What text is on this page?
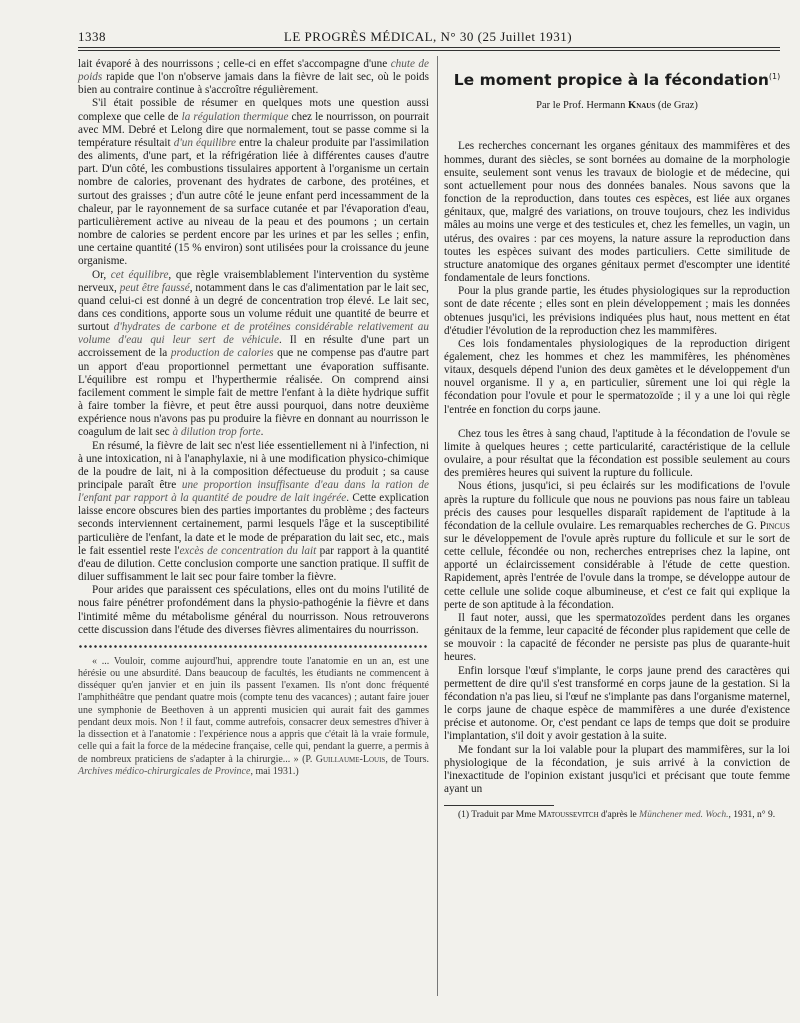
1338	LE PROGRÈS MÉDICAL, N° 30 (25 Juillet 1931)

lait évaporé à des nourrissons ; celle-ci en effet s'accompagne d'une chute de poids rapide que l'on n'observe jamais dans la fièvre de lait sec, où le poids bien au contraire continue à s'accroître régulièrement.

S'il était possible de résumer en quelques mots une question aussi complexe que celle de la régulation thermique chez le nourrisson, on pourrait avec MM. Debré et Lelong dire que normalement, tout se passe comme si la température résultait d'un équilibre entre la chaleur produite par l'assimilation des aliments, d'une part, et la réfrigération liée à différentes causes d'autre part. D'un côté, les combustions tissulaires apportent à l'organisme un certain nombre de calories, provenant des hydrates de carbone, des protéines, et surtout des graisses ; d'un autre côté le jeune enfant perd incessamment de la chaleur, par le rayonnement de sa surface cutanée et par l'évaporation d'eau, particulièrement active au niveau de la peau et des poumons ; un certain nombre de calories se perdent encore par les urines et par les selles ; enfin, une certaine quantité (15 % environ) sont utilisées pour la croissance du jeune organisme.

Or, cet équilibre, que règle vraisemblablement l'intervention du système nerveux, peut être faussé, notamment dans le cas d'alimentation par le lait sec, quand celui-ci est donné à un degré de concentration trop élevé. Le lait sec, dans ces conditions, apporte sous un volume réduit une quantité de beurre et surtout d'hydrates de carbone et de protéines considérable relativement au volume d'eau qui leur sert de véhicule. Il en résulte d'une part un accroissement de la production de calories que ne compense pas d'autre part un apport d'eau proportionnel permettant une évaporation suffisante. L'équilibre est rompu et l'hyperthermie réalisée. On comprend ainsi facilement comment le simple fait de mettre l'enfant à la diète hydrique suffit à faire tomber la fièvre, et peut être aussi pourquoi, dans notre deuxième expérience nous n'avons pas pu produire la fièvre en donnant au nourrisson le coagulum de lait sec à dilution trop forte.

En résumé, la fièvre de lait sec n'est liée essentiellement ni à l'infection, ni à une intoxication, ni à l'anaphylaxie, ni à une modification physico-chimique de la poudre de lait, ni à la composition défectueuse du produit ; sa cause principale paraît être une proportion insuffisante d'eau dans la ration de l'enfant par rapport à la quantité de poudre de lait ingérée. Cette explication laisse encore obscures bien des parties importantes du problème ; des facteurs seconds interviennent certainement, parmi lesquels l'âge et la susceptibilité particulière de l'enfant, la date et le mode de préparation du lait sec, etc., mais le fait essentiel reste l'excès de concentration du lait par rapport à la quantité d'eau de dilution. Cette conclusion comporte une sanction pratique. Il suffit de diluer suffisamment le lait sec pour faire tomber la fièvre.

Pour arides que paraissent ces spéculations, elles ont du moins l'utilité de nous faire pénétrer profondément dans la physio-pathogénie la fièvre et dans l'intimité même du métabolisme général du nourrisson. Nous retrouverons cette discussion dans l'étude des diverses fièvres alimentaires du nourrisson.

« ... Vouloir, comme aujourd'hui, apprendre toute l'anatomie en un an, est une hérésie ou une absurdité. Dans beaucoup de facultés, les étudiants ne commencent à disséquer qu'en janvier et en juin ils passent l'examen. Ils n'ont donc fréquenté l'amphithéâtre que pendant quatre mois (compte tenu des vacances) ; autant faire jouer une symphonie de Beethoven à un apprenti musicien qui aurait fait des gammes pendant deux mois. Non ! il faut, comme autrefois, consacrer deux semestres d'hiver à la dissection et à l'anatomie : l'expérience nous a appris que c'était là la vraie formule, celle qui a fait la force de la médecine française, celle qui, pendant la guerre, a permis à de nombreux praticiens de s'adapter à la chirurgie... » (P. Guillaume-Louis, de Tours. Archives médico-chirurgicales de Province, mai 1931.)

Le moment propice à la fécondation$^{(1)}$
Par le Prof. Hermann Knaus (de Graz)

Les recherches concernant les organes génitaux des mammifères et des hommes, durant des siècles, se sont bornées au domaine de la morphologie ensuite, seulement sont venus les travaux de biologie et de médecine, qui sont actuellement pour nous des données banales. Nous savons que la fonction de la reproduction, dans toutes ces espèces, est liée aux organes génitaux, que, malgré des variations, on trouve toujours, chez les individus mâles au moins une verge et des testicules et, chez les femelles, un vagin, un utérus, des ovaires : par ces moyens, la nature assure la reproduction dans toutes les espèces suivant des modes particuliers. Cette similitude de structure anatomique des organes génitaux permet d'escompter une identité fondamentale de leurs fonctions.

Pour la plus grande partie, les études physiologiques sur la reproduction sont de date récente ; elles sont en plein développement ; mais les données obtenues jusqu'ici, les prévisions indiquées plus haut, nous mettent en état d'étudier l'évolution de la reproduction chez les mammifères.

Ces lois fondamentales physiologiques de la reproduction dirigent également, chez les hommes et chez les mammifères, les phénomènes vitaux, desquels dépend l'union des deux gamètes et le développement d'un nouvel organisme. Il y a, en particulier, sûrement une loi qui règle la fécondation pour l'ovule et pour le spermatozoïde ; il y a une loi qui règle l'entrée en fonction du corps jaune.

Chez tous les êtres à sang chaud, l'aptitude à la fécondation de l'ovule se limite à quelques heures ; cette particularité, caractéristique de la cellule ovulaire, a pour résultat que la fécondation est possible seulement au cours des premières heures qui suivent la rupture du follicule.

Nous étions, jusqu'ici, si peu éclairés sur les modifications de l'ovule après la rupture du follicule que nous ne pouvions pas nous faire un tableau précis des causes pour lesquelles disparaît rapidement de l'aptitude à la fécondation de la cellule ovulaire. Les remarquables recherches de G. Pincus sur le développement de l'ovule après rupture du follicule et sur le sort de cette cellule, fécondée ou non, recherches entreprises chez la lapine, ont apporté un éclaircissement considérable à l'étude de cette question. Rapidement, après l'entrée de l'ovule dans la trompe, se développe autour de cette cellule une solide coque albumineuse, et c'est ce fait qui explique la perte de son aptitude à la fécondation.

Il faut noter, aussi, que les spermatozoïdes perdent dans les organes génitaux de la femme, leur capacité de féconder plus rapidement que celle de se mouvoir : la capacité de féconder ne persiste pas plus de quarante-huit heures.

Enfin lorsque l'œuf s'implante, le corps jaune prend des caractères qui permettent de dire qu'il s'est transformé en corps jaune de la gestation. Si la fécondation n'a pas lieu, si l'œuf ne s'implante pas dans l'organisme maternel, le corps jaune de chaque espèce de mammifères a une durée d'existence précise et autonome. Or, c'est pendant ce laps de temps que doit se produire l'implantation, s'il doit y avoir gestation à la suite.

Me fondant sur la loi valable pour la plupart des mammifères, sur la loi physiologique de la fécondation, je suis arrivé à la conviction de l'inexactitude de l'opinion existant jusqu'ici et précisant que toute femme ayant un

(1) Traduit par Mme Matoussevitch d'après le Münchener med. Woch., 1931, n° 9.
